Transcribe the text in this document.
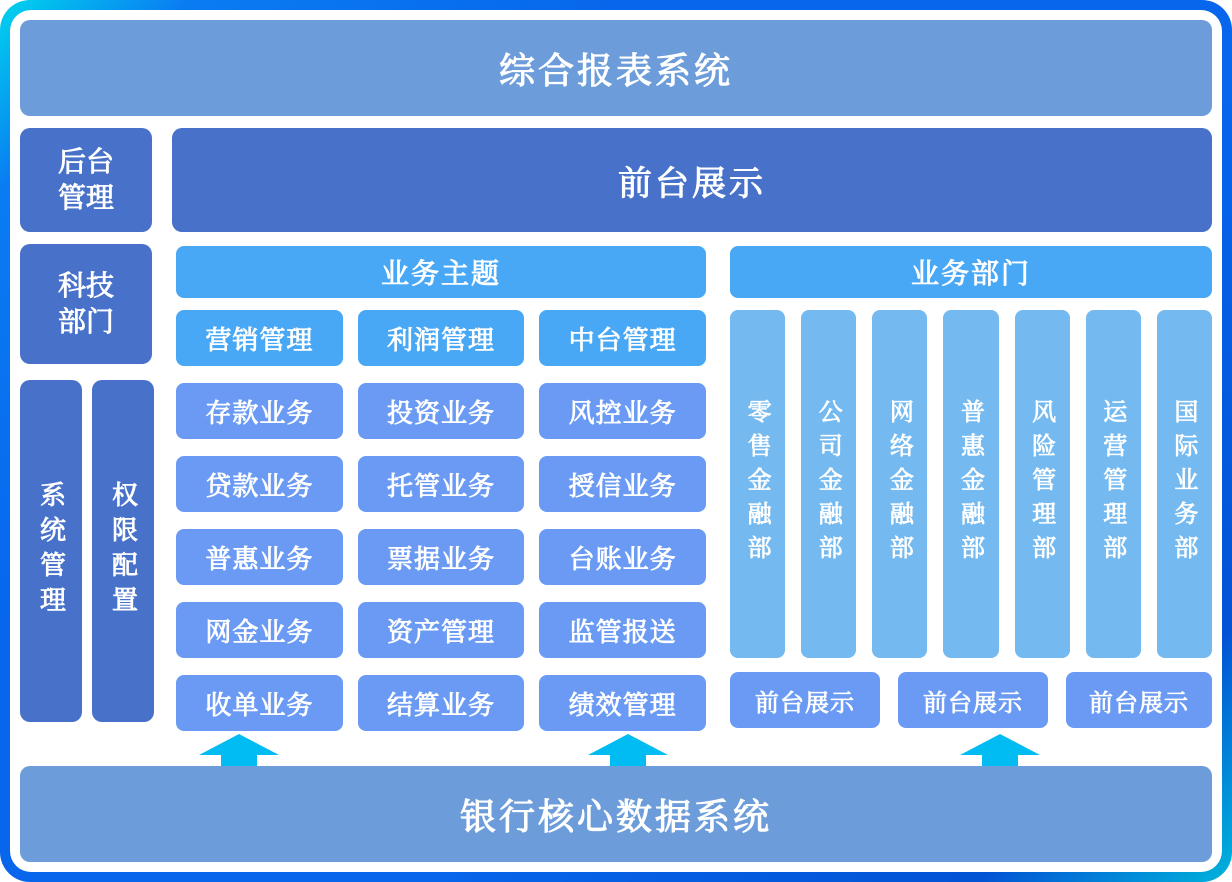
综合报表系统
后台管理	前台展示
科技部门
系统管理 权限配置
业务主题
营销管理	利润管理	中台管理
存款业务	投资业务	风控业务
贷款业务	托管业务	授信业务
普惠业务	票据业务	台账业务
网金业务	资产管理	监管报送
收单业务	结算业务	绩效管理
业务部门
零售金融部 公司金融部 网络金融部 普惠金融部 风险管理部 运营管理部 国际业务部
前台展示	前台展示	前台展示
银行核心数据系统
